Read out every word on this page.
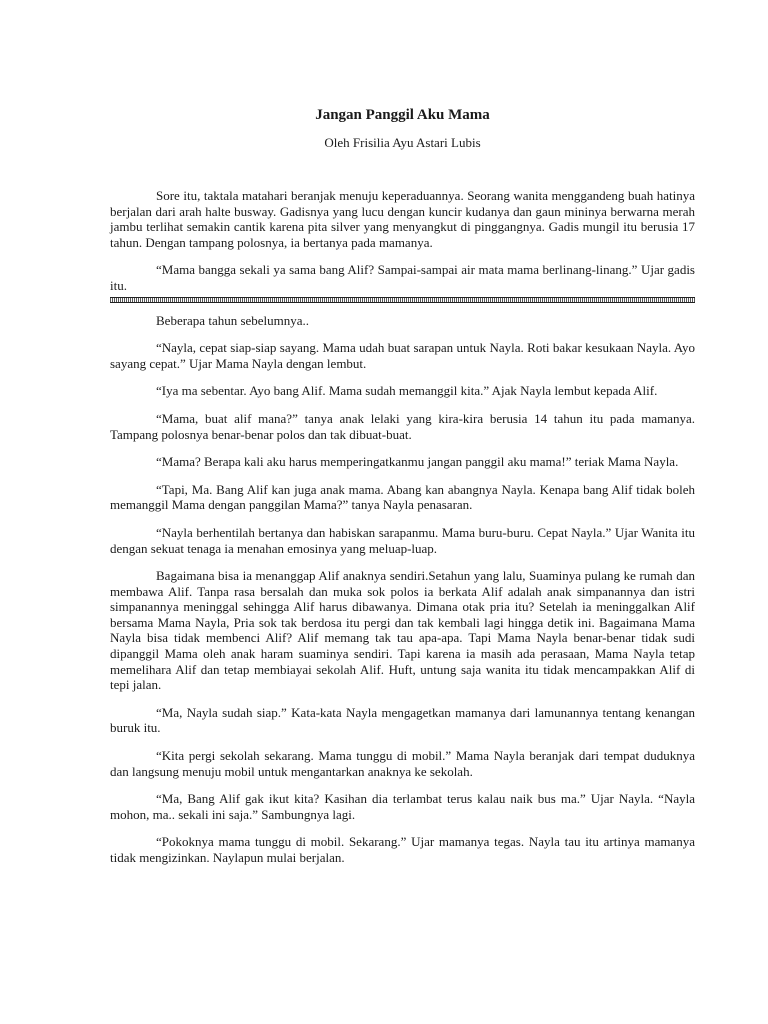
Jangan Panggil Aku Mama

Oleh Frisilia Ayu Astari Lubis

Sore itu, taktala matahari beranjak menuju keperaduannya. Seorang wanita menggandeng buah hatinya berjalan dari arah halte busway. Gadisnya yang lucu dengan kuncir kudanya dan gaun mininya berwarna merah jambu terlihat semakin cantik karena pita silver yang menyangkut di pinggangnya. Gadis mungil itu berusia 17 tahun. Dengan tampang polosnya, ia bertanya pada mamanya.

“Mama bangga sekali ya sama bang Alif? Sampai-sampai air mata mama berlinang-linang.” Ujar gadis itu.

Beberapa tahun sebelumnya..

“Nayla, cepat siap-siap sayang. Mama udah buat sarapan untuk Nayla. Roti bakar kesukaan Nayla. Ayo sayang cepat.” Ujar Mama Nayla dengan lembut.

“Iya ma sebentar. Ayo bang Alif. Mama sudah memanggil kita.” Ajak Nayla lembut kepada Alif.

“Mama, buat alif mana?” tanya anak lelaki yang kira-kira berusia 14 tahun itu pada mamanya. Tampang polosnya benar-benar polos dan tak dibuat-buat.

“Mama? Berapa kali aku harus memperingatkanmu jangan panggil aku mama!” teriak Mama Nayla.

“Tapi, Ma. Bang Alif kan juga anak mama. Abang kan abangnya Nayla. Kenapa bang Alif tidak boleh memanggil Mama dengan panggilan Mama?” tanya Nayla penasaran.

“Nayla berhentilah bertanya dan habiskan sarapanmu. Mama buru-buru. Cepat Nayla.” Ujar Wanita itu dengan sekuat tenaga ia menahan emosinya yang meluap-luap.

Bagaimana bisa ia menanggap Alif anaknya sendiri.Setahun yang lalu, Suaminya pulang ke rumah dan membawa Alif. Tanpa rasa bersalah dan muka sok polos ia berkata Alif adalah anak simpanannya dan istri simpanannya meninggal sehingga Alif harus dibawanya. Dimana otak pria itu? Setelah ia meninggalkan Alif bersama Mama Nayla, Pria sok tak berdosa itu pergi dan tak kembali lagi hingga detik ini. Bagaimana Mama Nayla bisa tidak membenci Alif? Alif memang tak tau apa-apa. Tapi Mama Nayla benar-benar tidak sudi dipanggil Mama oleh anak haram suaminya sendiri. Tapi karena ia masih ada perasaan, Mama Nayla tetap memelihara Alif dan tetap membiayai sekolah Alif. Huft, untung saja wanita itu tidak mencampakkan Alif di tepi jalan.

“Ma, Nayla sudah siap.” Kata-kata Nayla mengagetkan mamanya dari lamunannya tentang kenangan buruk itu.

“Kita pergi sekolah sekarang. Mama tunggu di mobil.” Mama Nayla beranjak dari tempat duduknya dan langsung menuju mobil untuk mengantarkan anaknya ke sekolah.

“Ma, Bang Alif gak ikut kita? Kasihan dia terlambat terus kalau naik bus ma.” Ujar Nayla. “Nayla mohon, ma.. sekali ini saja.” Sambungnya lagi.

“Pokoknya mama tunggu di mobil. Sekarang.” Ujar mamanya tegas. Nayla tau itu artinya mamanya tidak mengizinkan. Naylapun mulai berjalan.
